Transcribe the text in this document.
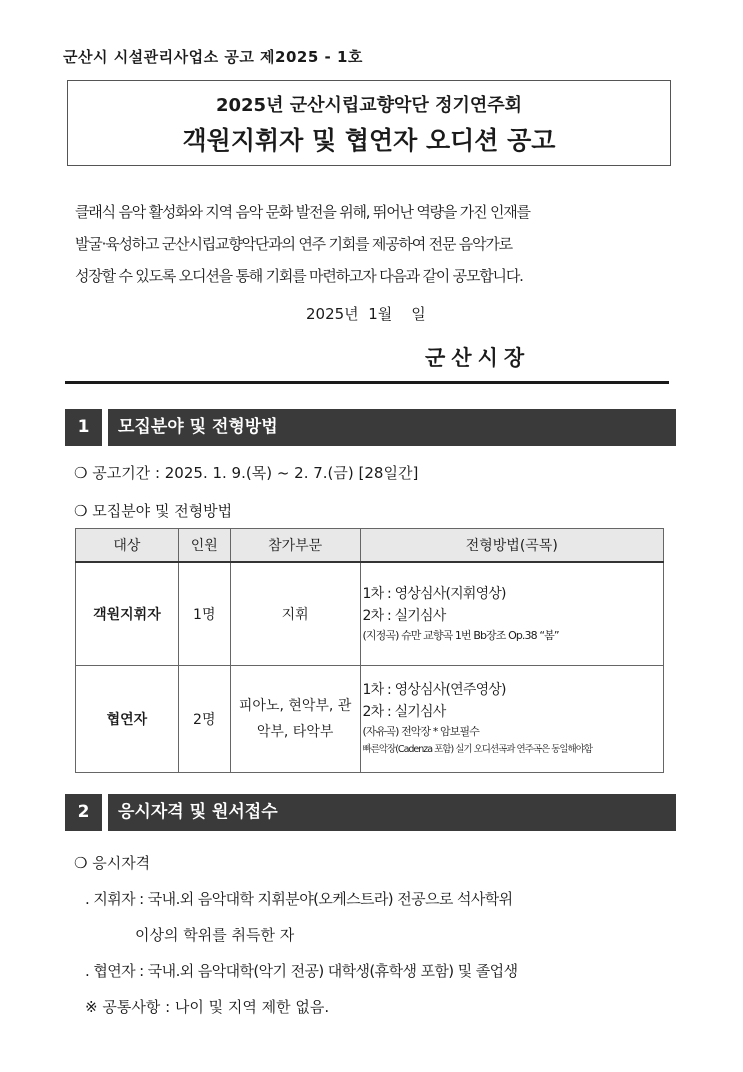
군산시 시설관리사업소 공고 제2025 - 1호
2025년 군산시립교향악단 정기연주회
객원지휘자 및 협연자 오디션 공고
클래식 음악 활성화와 지역 음악 문화 발전을 위해, 뛰어난 역량을 가진 인재를
발굴·육성하고 군산시립교향악단과의 연주 기회를 제공하여 전문 음악가로
성장할 수 있도록 오디션을 통해 기회를 마련하고자 다음과 같이 공모합니다.
2025년  1월    일
군산시장
1	모집분야 및 전형방법
❍ 공고기간 : 2025. 1. 9.(목) ~ 2. 7.(금) [28일간]
❍ 모집분야 및 전형방법
대상	인원	참가부문	전형방법(곡목)
객원지휘자	1명	지휘	1차 : 영상심사(지휘영상)
2차 : 실기심사
(지정곡) 슈만 교향곡 1번 Bb장조 Op.38 “봄”

협연자	2명	피아노, 현악부, 관악부, 타악부	1차 : 영상심사(연주영상)
2차 : 실기심사
(자유곡) 전악장 * 암보필수
빠른악장(Cadenza 포함) 실기 오디션곡과 연주곡은 동일해야함
2	응시자격 및 원서접수
❍ 응시자격
. 지휘자 : 국내.외 음악대학 지휘분야(오케스트라) 전공으로 석사학위
이상의 학위를 취득한 자
. 협연자 : 국내.외 음악대학(악기 전공) 대학생(휴학생 포함) 및 졸업생
※ 공통사항 : 나이 및 지역 제한 없음.
